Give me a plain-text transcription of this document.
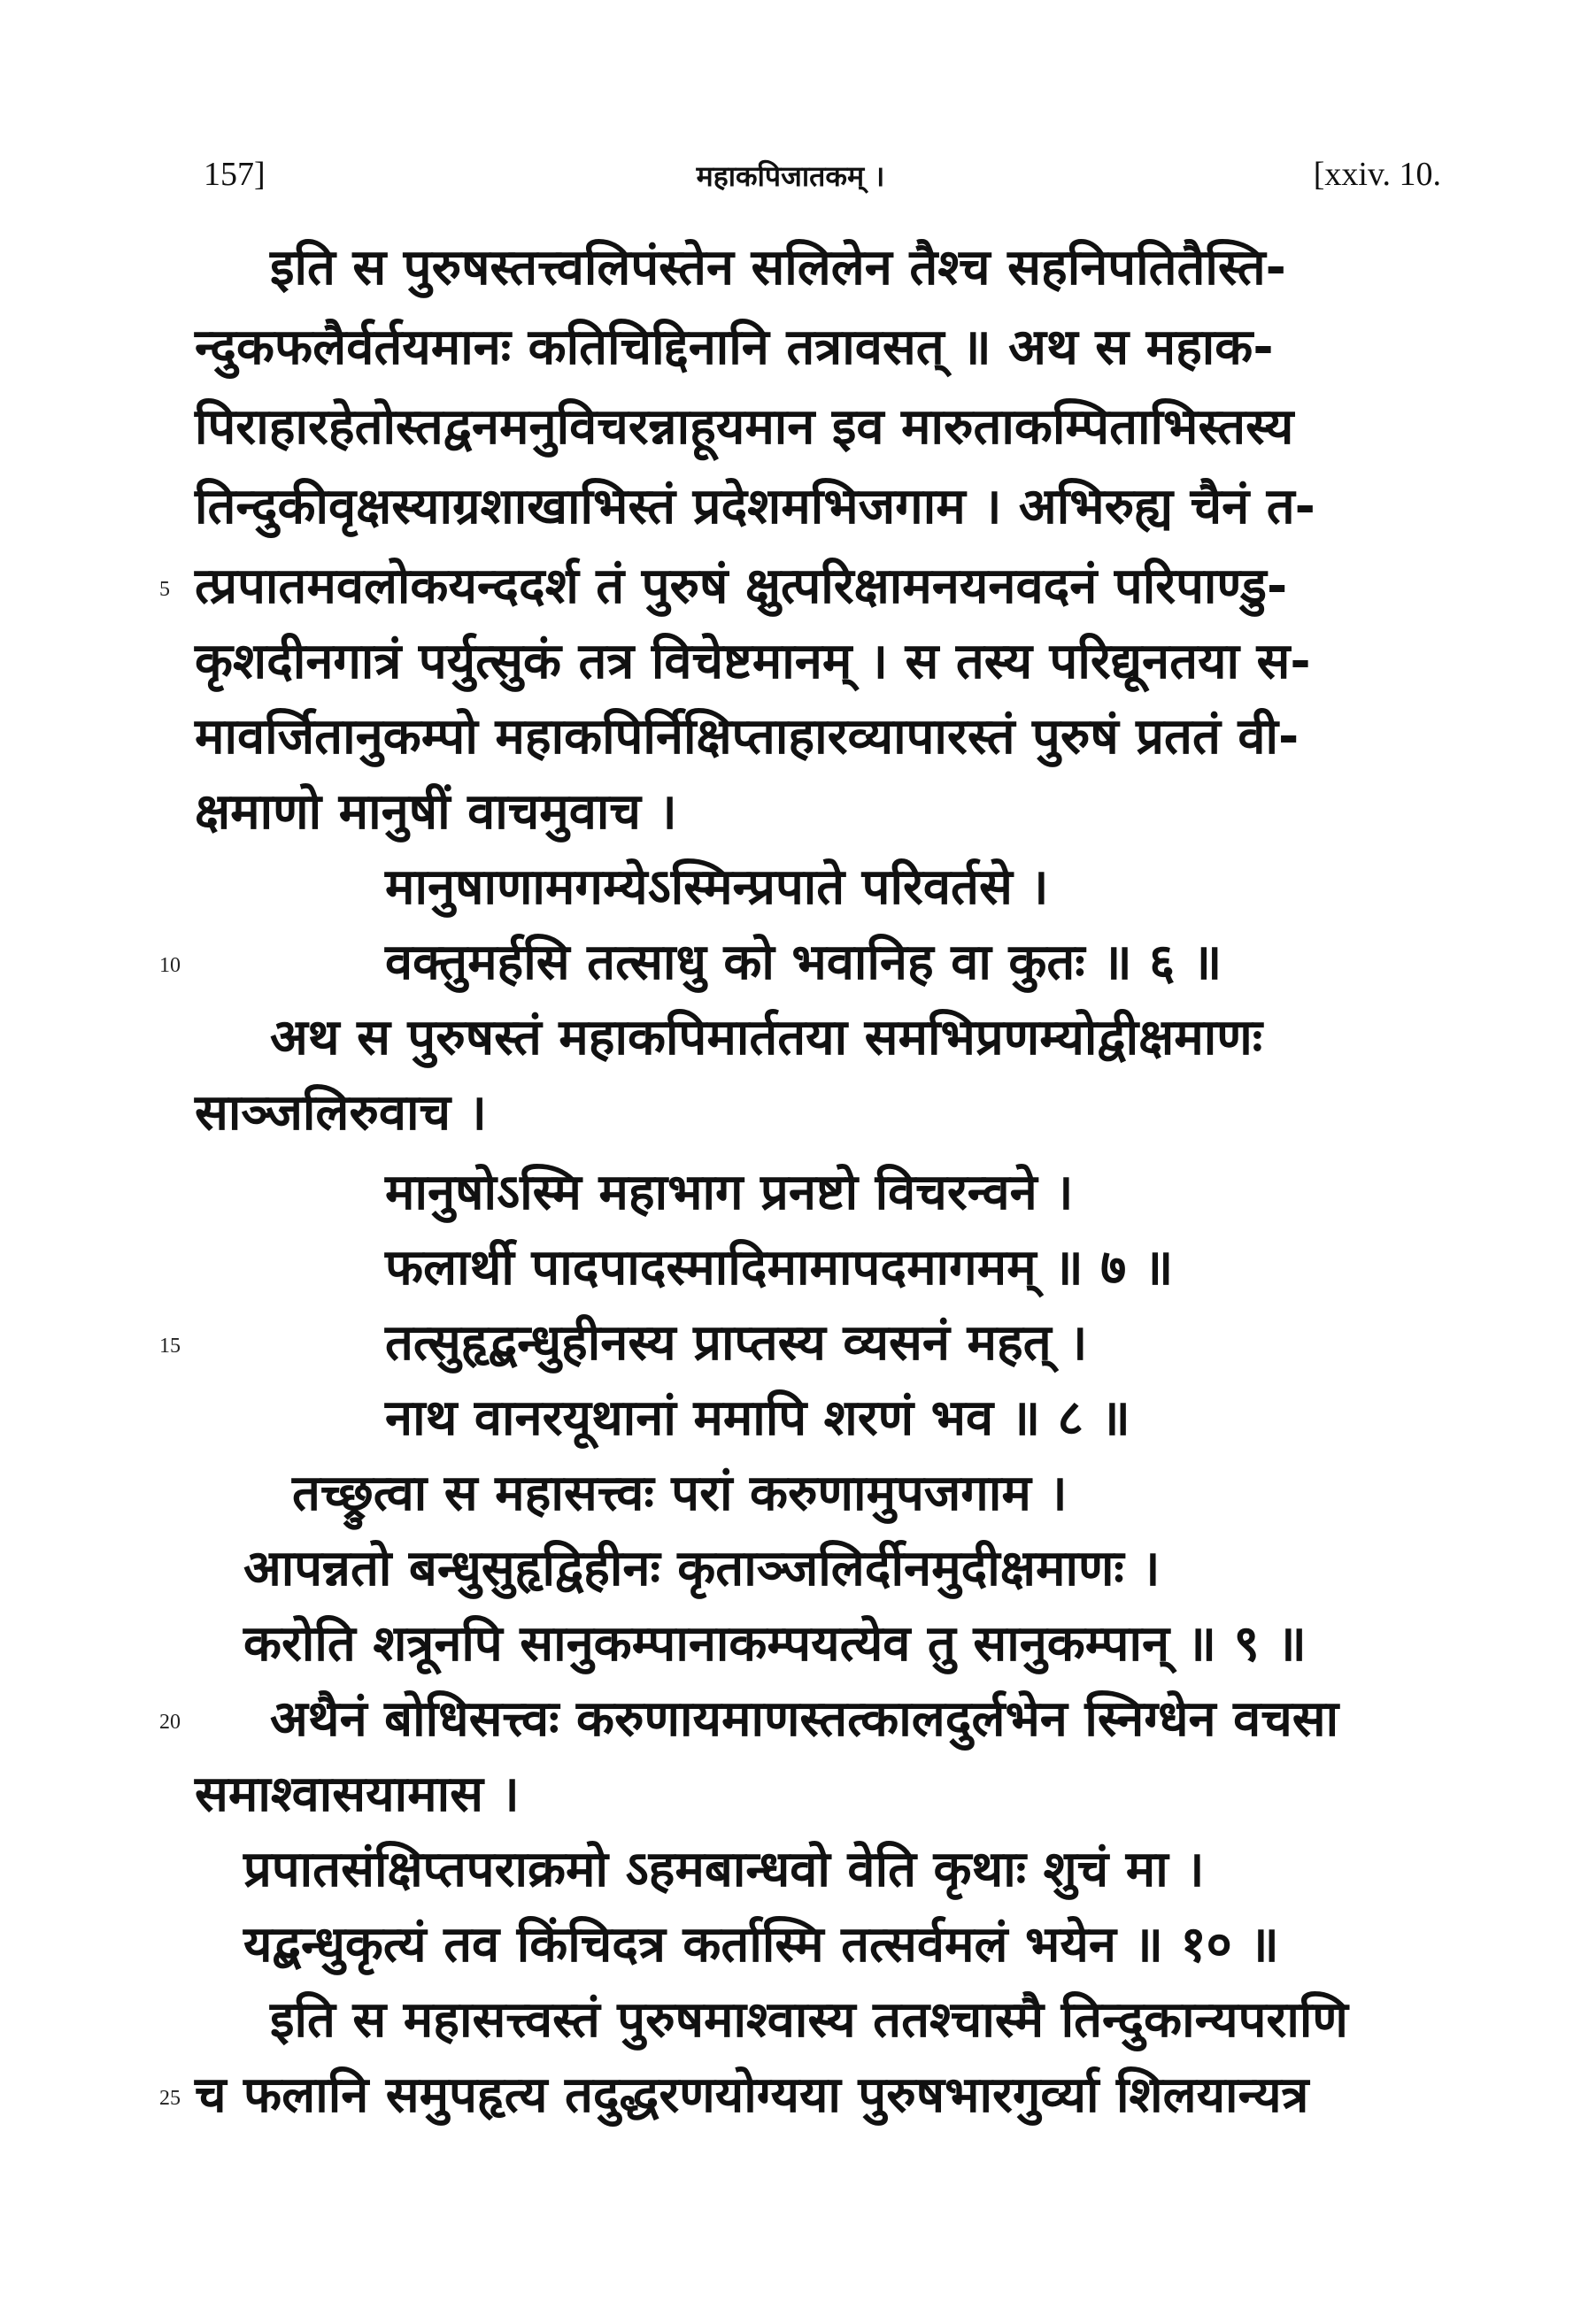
157]	महाकपिजातकम् ।	[xxiv. 10.
इति स पुरुषस्तत्त्वलिपंस्तेन सलिलेन तैश्च सहनिपतितैस्ति-
न्दुकफलैर्वर्तयमानः कतिचिद्दिनानि तत्रावसत् ॥ अथ स महाक-
पिराहारहेतोस्तद्वनमनुविचरन्नाहूयमान इव मारुताकम्पिताभिस्तस्य
तिन्दुकीवृक्षस्याग्रशाखाभिस्तं प्रदेशमभिजगाम । अभिरुह्य चैनं त-
त्प्रपातमवलोकयन्ददर्श तं पुरुषं क्षुत्परिक्षामनयनवदनं परिपाण्डु-
कृशदीनगात्रं पर्युत्सुकं तत्र विचेष्टमानम् । स तस्य परिद्यूनतया स-
मावर्जितानुकम्पो महाकपिर्निक्षिप्ताहारव्यापारस्तं पुरुषं प्रततं वी-
क्षमाणो मानुषीं वाचमुवाच ।
मानुषाणामगम्येऽस्मिन्प्रपाते परिवर्तसे ।
वक्तुमर्हसि तत्साधु को भवानिह वा कुतः ॥ ६ ॥
अथ स पुरुषस्तं महाकपिमार्ततया समभिप्रणम्योद्वीक्षमाणः
साञ्जलिरुवाच ।
मानुषोऽस्मि महाभाग प्रनष्टो विचरन्वने ।
फलार्थी पादपादस्मादिमामापदमागमम् ॥ ७ ॥
तत्सुहृद्बन्धुहीनस्य प्राप्तस्य व्यसनं महत् ।
नाथ वानरयूथानां ममापि शरणं भव ॥ ८ ॥
तच्छ्रुत्वा स महासत्त्वः परां करुणामुपजगाम ।
आपन्नतो बन्धुसुहृद्विहीनः कृताञ्जलिर्दीनमुदीक्षमाणः ।
करोति शत्रूनपि सानुकम्पानाकम्पयत्येव तु सानुकम्पान् ॥ ९ ॥
अथैनं बोधिसत्त्वः करुणायमाणस्तत्कालदुर्लभेन स्निग्धेन वचसा
समाश्वासयामास ।
प्रपातसंक्षिप्तपराक्रमो ऽहमबान्धवो वेति कृथाः शुचं मा ।
यद्बन्धुकृत्यं तव किंचिदत्र कर्तास्मि तत्सर्वमलं भयेन ॥ १० ॥
इति स महासत्त्वस्तं पुरुषमाश्वास्य ततश्चास्मै तिन्दुकान्यपराणि
च फलानि समुपहृत्य तदुद्धरणयोग्यया पुरुषभारगुर्व्या शिलयान्यत्र
5
10
15
20
25
